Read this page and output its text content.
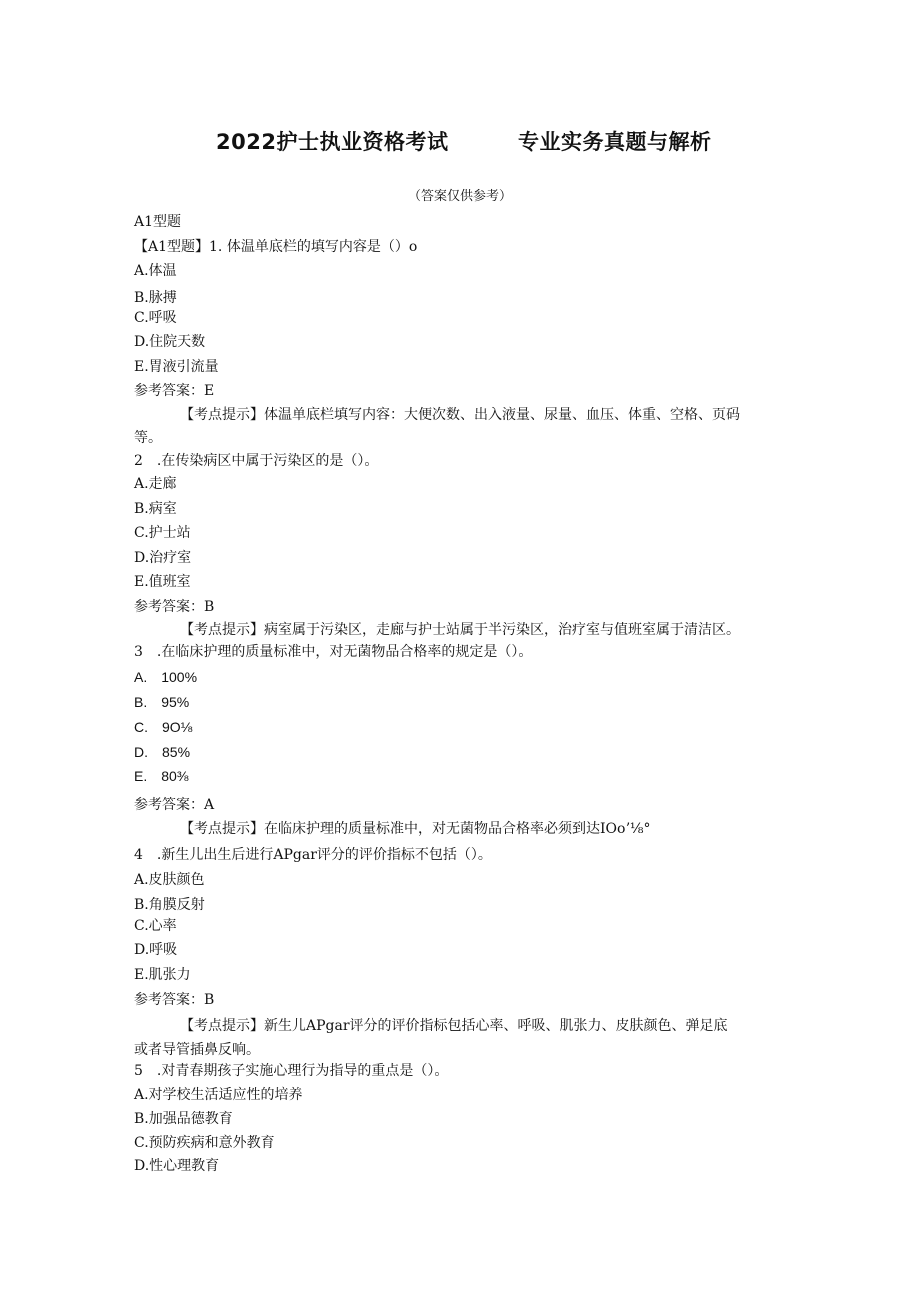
2022护士执业资格考试	专业实务真题与解析
（答案仅供参考）
A1型题
【A1型题】1. 体温单底栏的填写内容是（）o
A.体温
B.脉搏
C.呼吸
D.住院天数
E.胃液引流量
参考答案：E
【考点提示】体温单底栏填写内容：大便次数、出入液量、尿量、血压、体重、空格、页码
等。
2 .在传染病区中属于污染区的是（）。
A.走廊
B.病室
C.护士站
D.治疗室
E.值班室
参考答案：B
【考点提示】病室属于污染区，走廊与护士站属于半污染区，治疗室与值班室属于清洁区。
3 .在临床护理的质量标准中，对无菌物品合格率的规定是（）。
A. 100%
B. 95%
C. 9O⅛
D. 85%
E. 80⅜
参考答案：A
【考点提示】在临床护理的质量标准中，对无菌物品合格率必须到达IOoʼ⅛°
4 .新生儿出生后进行APgar评分的评价指标不包括（）。
A.皮肤颜色
B.角膜反射
C.心率
D.呼吸
E.肌张力
参考答案：B
【考点提示】新生儿APgar评分的评价指标包括心率、呼吸、肌张力、皮肤颜色、弹足底
或者导管插鼻反响。
5 .对青春期孩子实施心理行为指导的重点是（）。
A.对学校生活适应性的培养
B.加强品德教育
C.预防疾病和意外教育
D.性心理教育
